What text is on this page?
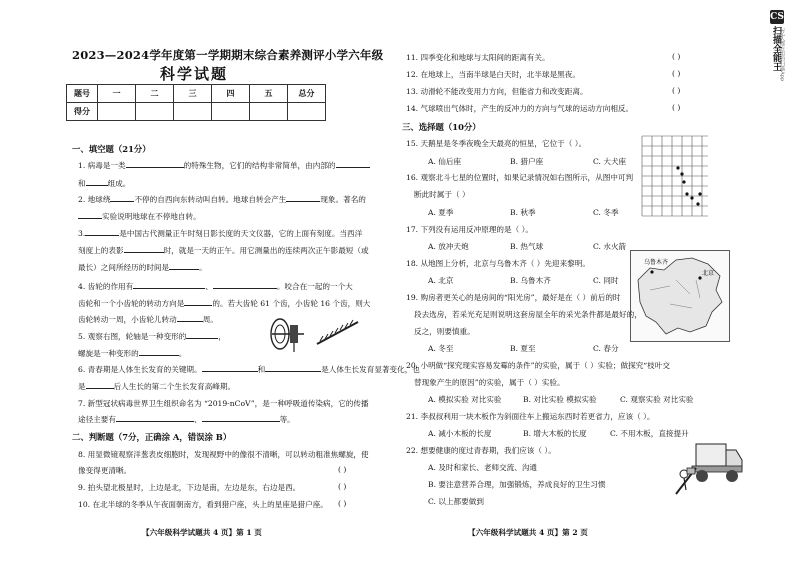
2023—2024学年度第一学期期末综合素养测评小学六年级
科学试题
题号	一	二	三	四	五	总分
得分						
一、填空题（21分）
1. 病毒是一类	的特殊生物，它们的结构非常简单，由内部的
和	组成。
2. 地球绕	不停的自西向东转动叫自转。地球自转会产生	现象。著名的
实验说明地球在不停地自转。
3.	是中国古代测量正午时刻日影长度的天文仪器，它的上面有刻度。当西洋
刻度上的表影	时，就是一天的正午。用它测量出的连续两次正午影最短（或
最长）之间所经历的时间是	。
4. 齿轮的作用有	、	。咬合在一起的一个大
齿轮和一个小齿轮的转动方向是	的。若大齿轮 61 个齿，小齿轮 16 个齿，则大
齿轮转动一周，小齿轮儿转动	周。
5. 观察右图，轮轴是一种变形的	，
螺旋是一种变形的	。
6. 青春期是人体生长发育的关键期。	和	是人体生长发育显著变化，也
是	后人生长的第二个生长发育高峰期。
7. 新型冠状病毒世界卫生组织命名为 “2019-nCoV”，是一种呼吸道传染病，它的传播
途径主要有	、	等。
二、判断题（7分，正确涂 A，错误涂 B）
8. 用显微镜观察洋葱表皮细胞时，发现视野中的像很不清晰，可以转动粗准焦螺旋，使
像变得更清晰。	( )
9. 拍头望北极星时，上边是北，下边是南，左边是东，右边是西。	( )
10. 在北半球的冬季从午夜面朝南方，看到猎户座，头上的星座是猎户座。 ( )
【六年级科学试题共 4 页】第 1 页
11. 四季变化和地球与太阳间的距离有关。	( )
12. 在地球上，当南半球是白天时，北半球是黑夜。	( )
13. 动滑轮不能改变用力方向，但能省力和改变距离。	( )
14. 气球喷出气体时，产生的反冲力的方向与气球的运动方向相反。	( )
三、选择题（10分）
15. 天鹅星是冬季夜晚全天最亮的恒星，它位于（ ）。
A. 仙后座	B. 猎户座	C. 大犬座
16. 观察北斗七星的位置时，如果记录情况如右图所示，从图中可判
断此时属于（ ）
A. 夏季	B. 秋季	C. 冬季
17. 下列没有运用反冲原理的是（ ）。
A. 放冲天炮	B. 热气球	C. 水火箭
18. 从地图上分析，北京与乌鲁木齐（ ）先迎来黎明。
A. 北京	B. 乌鲁木齐	C. 同时
北京
乌鲁木齐
19. 购房者更关心的是房间的“阳光房”，最好是在（ ）前后的时
段去选房，若采光充足则说明这套房屋全年的采光条件都是最好的，
反之，则要慎重。
A. 冬至	B. 夏至	C. 春分
20. 小明做“探究现实容易发霉的条件”的实验，属于（ ）实验；做探究“枝叶交
替现象产生的原因”的实验，属于（ ）实验。
A. 模拟实验 对比实验	B. 对比实验 模拟实验	C. 观察实验 对比实验
21. 李叔叔利用一块木板作为斜面往车上搬运东西时若更省力，应该（ ）。
A. 减小木板的长度	B. 增大木板的长度	C. 不用木板，直接提升
22. 想要健康的度过青春期，我们应该（ ）。
A. 及时和家长、老师交流、沟通
B. 要注意营养合理，加强锻炼，养成良好的卫生习惯
C. 以上都要做到
【六年级科学试题共 4 页】第 2 页
CS
扫描全能王
3亿人都在用的扫描App
